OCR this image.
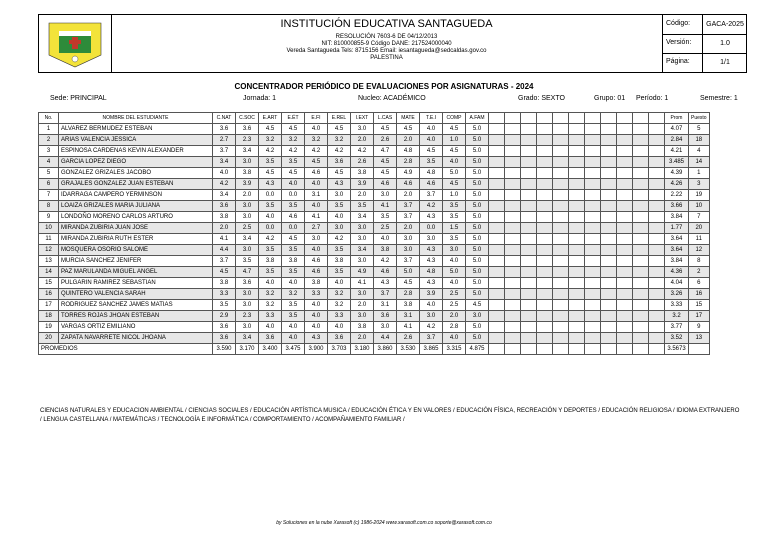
INSTITUCIÓN EDUCATIVA SANTAGUEDA
RESOLUCIÓN 7603-6 DE 04/12/2013
NIT: 810000855-9 Código DANE: 217524000040
Vereda Santagueda Tels: 8715156 Email: iesantagueda@sedcaldas.gov.co
PALESTINA
Código:	GACA-2025
Versión:	1.0
Página:	1/1
CONCENTRADOR PERIÓDICO DE EVALUACIONES POR ASIGNATURAS - 2024
Sede: PRINCIPAL	Jornada: 1	Nucleo: ACADÉMICO	Grado: SEXTO	Grupo: 01 Período: 1	Semestre: 1
No.	NOMBRE DEL ESTUDIANTE	C.NAT	C.SOC	E.ART	E.ÉT	E.FI	E.REL	I.EXT	L.CAS	MATE	T.E.I	COMP	A.FAM												Prom	Puesto
1	ALVAREZ BERMUDEZ ESTEBAN	3.6	3.6	4.5	4.5	4.0	4.5	3.0	4.5	4.5	4.0	4.5	5.0												4.07	5
2	ARIAS VALENCIA JESSICA	2.7	2.3	3.2	3.2	3.2	3.2	2.0	2.6	2.0	4.0	1.0	5.0												2.84	18
3	ESPINOSA CARDENAS KEVIN ALEXANDER	3.7	3.4	4.2	4.2	4.2	4.2	4.2	4.7	4.8	4.5	4.5	5.0												4.21	4
4	GARCIA LOPEZ DIEGO	3.4	3.0	3.5	3.5	4.5	3.6	2.6	4.5	2.8	3.5	4.0	5.0												3.485	14
5	GONZALEZ GRIZALES JACOBO	4.0	3.8	4.5	4.5	4.6	4.5	3.8	4.5	4.9	4.8	5.0	5.0												4.39	1
6	GRAJALES GONZALEZ JUAN ESTEBAN	4.2	3.9	4.3	4.0	4.0	4.3	3.9	4.6	4.6	4.6	4.5	5.0												4.26	3
7	IDARRAGA CAMPERO YERMINSON	3.4	2.0	0.0	0.0	3.1	3.0	2.0	3.0	2.0	3.7	1.0	5.0												2.22	19
8	LOAIZA GRIZALES MARIA JULIANA	3.6	3.0	3.5	3.5	4.0	3.5	3.5	4.1	3.7	4.2	3.5	5.0												3.66	10
9	LONDOÑO MORENO CARLOS ARTURO	3.8	3.0	4.0	4.6	4.1	4.0	3.4	3.5	3.7	4.3	3.5	5.0												3.84	7
10	MIRANDA ZUBIRIA JUAN JOSE	2.0	2.5	0.0	0.0	2.7	3.0	3.0	2.5	2.0	0.0	1.5	5.0												1.77	20
11	MIRANDA ZUBIRIA RUTH ESTER	4.1	3.4	4.2	4.5	3.0	4.2	3.0	4.0	3.0	3.0	3.5	5.0												3.64	11
12	MOSQUERA OSORIO SALOME	4.4	3.0	3.5	3.5	4.0	3.5	3.4	3.8	3.0	4.3	3.0	5.0												3.64	12
13	MURCIA SANCHEZ JENIFER	3.7	3.5	3.8	3.8	4.6	3.8	3.0	4.2	3.7	4.3	4.0	5.0												3.84	8
14	PAZ MARULANDA MIGUEL ANGEL	4.5	4.7	3.5	3.5	4.6	3.5	4.9	4.6	5.0	4.8	5.0	5.0												4.36	2
15	PULGARIN RAMIREZ SEBASTIAN	3.8	3.6	4.0	4.0	3.8	4.0	4.1	4.3	4.5	4.3	4.0	5.0												4.04	6
16	QUINTERO VALENCIA SARAH	3.3	3.0	3.2	3.2	3.3	3.2	3.0	3.7	2.8	3.9	2.5	5.0												3.26	16
17	RODRIGUEZ SANCHEZ JAMES MATIAS	3.5	3.0	3.2	3.5	4.0	3.2	2.0	3.1	3.8	4.0	2.5	4.5												3.33	15
18	TORRES ROJAS JHOAN ESTEBAN	2.9	2.3	3.3	3.5	4.0	3.3	3.0	3.6	3.1	3.0	2.0	3.0												3.2	17
19	VARGAS ORTIZ EMILIANO	3.6	3.0	4.0	4.0	4.0	4.0	3.8	3.0	4.1	4.2	2.8	5.0												3.77	9
20	ZAPATA NAVARRETE NICOL JHOANA	3.6	3.4	3.6	4.0	4.3	3.6	2.0	4.4	2.6	3.7	4.0	5.0												3.52	13
PROMEDIOS		3.590	3.170	3.400	3.475	3.900	3.703	3.180	3.860	3.530	3.865	3.315	4.875												3.5673	
CIENCIAS NATURALES Y EDUCACION AMBIENTAL / CIENCIAS SOCIALES / EDUCACIÓN ARTÍSTICA MUSICA / EDUCACIÓN ÉTICA Y EN VALORES / EDUCACIÓN FÍSICA, RECREACIÓN Y DEPORTES / EDUCACIÓN RELIGIOSA / IDIOMA EXTRANJERO / LENGUA CASTELLANA / MATEMÁTICAS / TECNOLOGÍA E INFORMÁTICA / COMPORTAMIENTO / ACOMPAÑAMIENTO FAMILIAR /
by Soluciones en la nube Xarasoft (c) 1986-2024 www.xarasoft.com.co soporte@xarasoft.com.co
